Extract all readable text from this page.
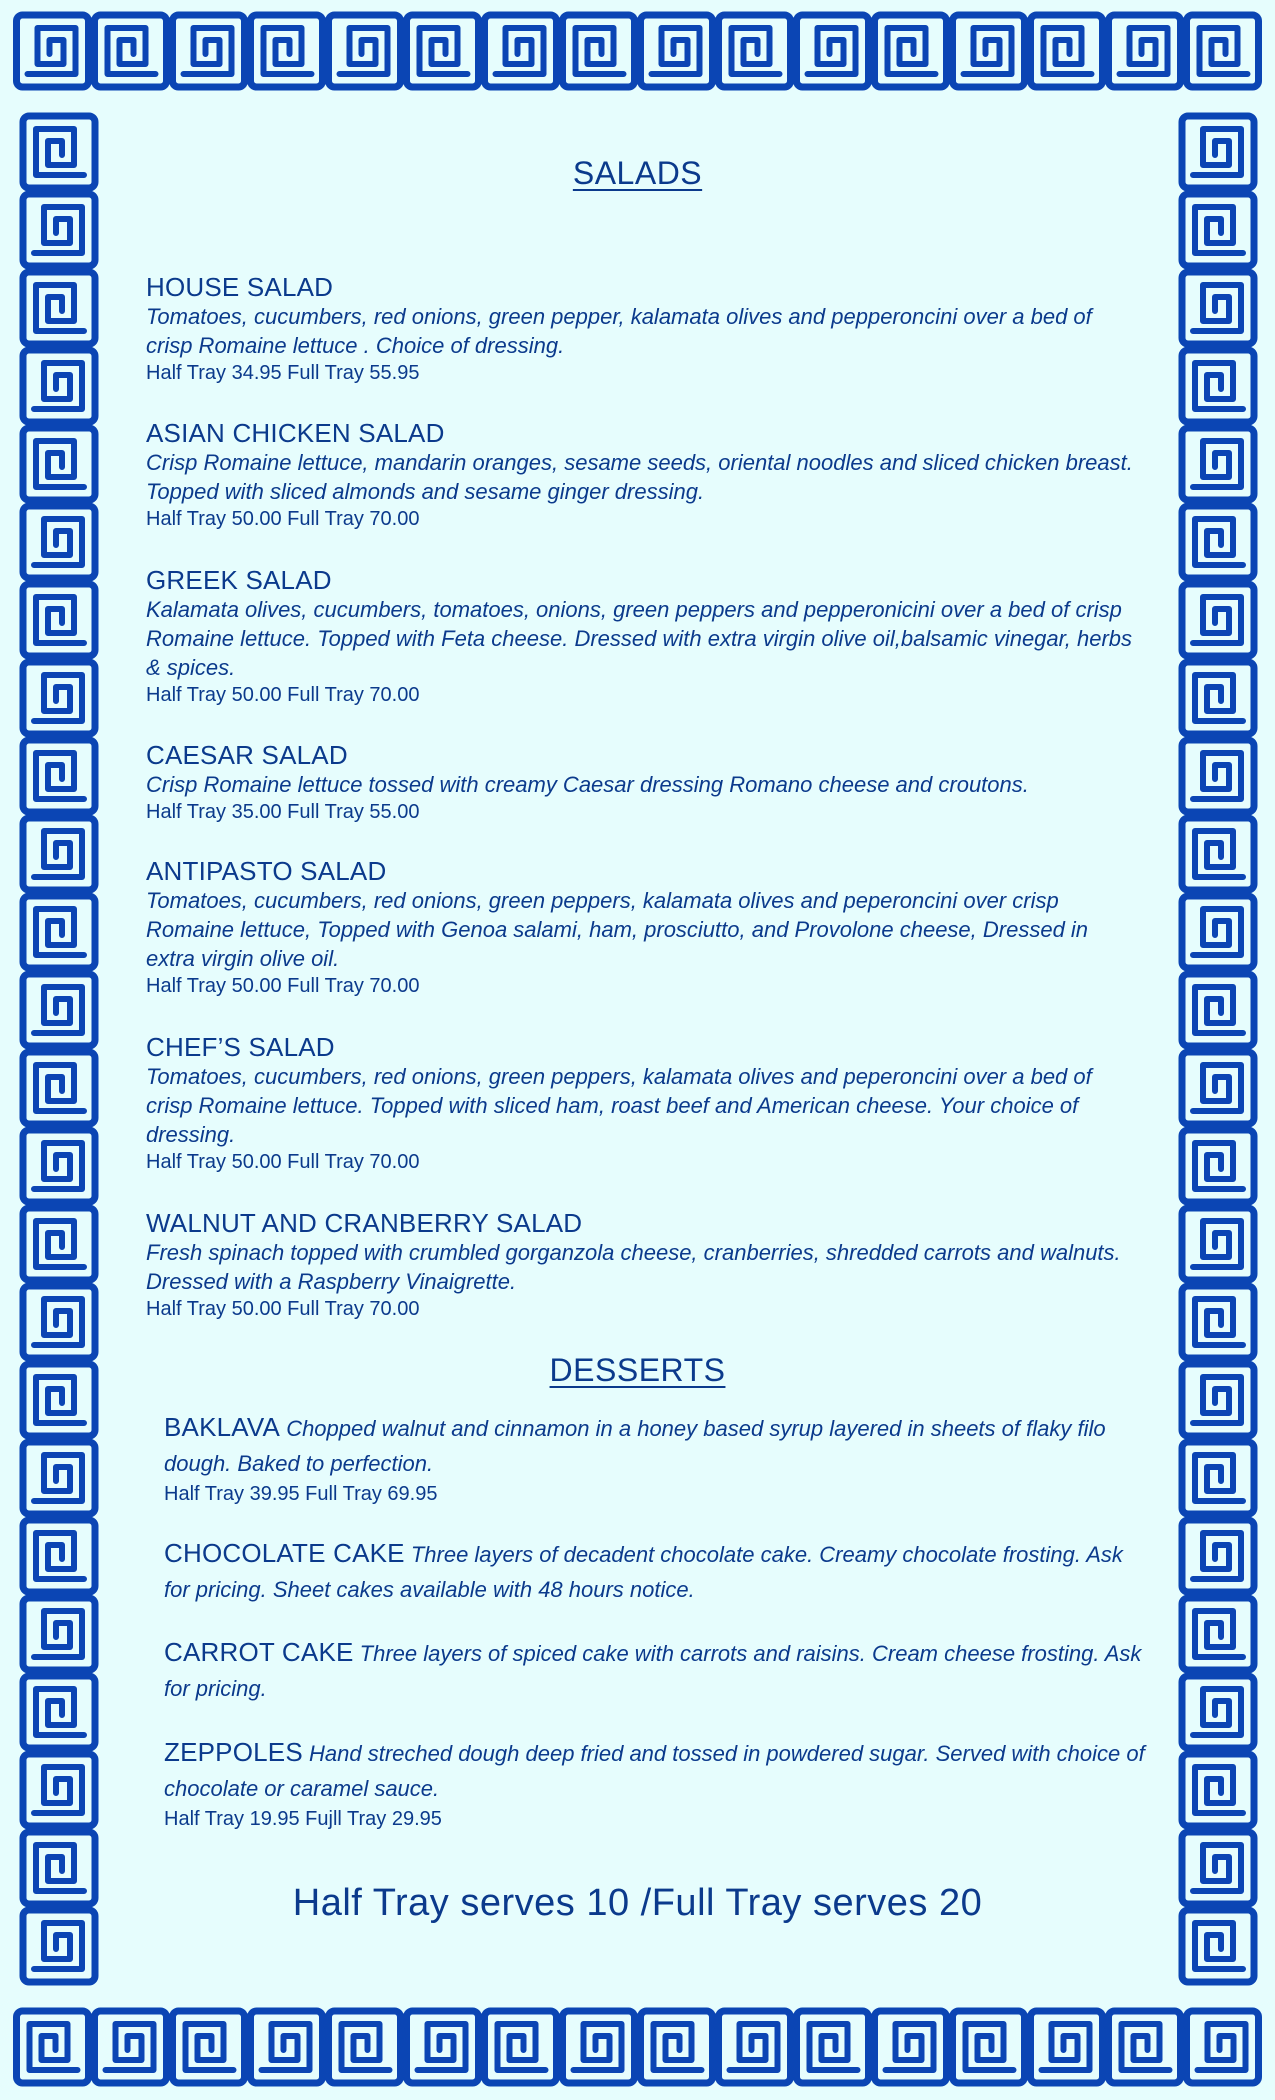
SALADS
HOUSE SALAD
Tomatoes, cucumbers, red onions, green pepper, kalamata olives and pepperoncini over a bed of crisp Romaine lettuce . Choice of dressing.
Half Tray 34.95 Full Tray 55.95
ASIAN CHICKEN SALAD
Crisp Romaine lettuce, mandarin oranges, sesame seeds, oriental noodles and sliced chicken breast. Topped with sliced almonds and sesame ginger dressing.
Half Tray 50.00 Full Tray 70.00
GREEK SALAD
Kalamata olives, cucumbers, tomatoes, onions, green peppers and pepperonicini over a bed of crisp Romaine lettuce. Topped with Feta cheese. Dressed with extra virgin olive oil,balsamic vinegar, herbs & spices.
Half Tray 50.00 Full Tray 70.00
CAESAR SALAD
Crisp Romaine lettuce tossed with creamy Caesar dressing Romano cheese and croutons.
Half Tray 35.00 Full Tray 55.00
ANTIPASTO SALAD
Tomatoes, cucumbers, red onions, green peppers, kalamata olives and peperoncini over crisp Romaine lettuce, Topped with Genoa salami, ham, prosciutto, and Provolone cheese, Dressed in extra virgin olive oil.
Half Tray 50.00 Full Tray 70.00
CHEF’S SALAD
Tomatoes, cucumbers, red onions, green peppers, kalamata olives and peperoncini over a bed of crisp Romaine lettuce. Topped with sliced ham, roast beef and American cheese. Your choice of dressing.
Half Tray 50.00 Full Tray 70.00
WALNUT AND CRANBERRY SALAD
Fresh spinach topped with crumbled gorganzola cheese, cranberries, shredded carrots and walnuts. Dressed with a Raspberry Vinaigrette.
Half Tray 50.00 Full Tray 70.00
DESSERTS
BAKLAVA Chopped walnut and cinnamon in a honey based syrup layered in sheets of flaky filo dough. Baked to perfection.
Half Tray 39.95 Full Tray 69.95
CHOCOLATE CAKE Three layers of decadent chocolate cake. Creamy chocolate frosting. Ask for pricing. Sheet cakes available with 48 hours notice.
CARROT CAKE Three layers of spiced cake with carrots and raisins. Cream cheese frosting. Ask for pricing.
ZEPPOLES Hand streched dough deep fried and tossed in powdered sugar. Served with choice of chocolate or caramel sauce.
Half Tray 19.95 Fujll Tray 29.95
Half Tray serves 10 /Full Tray serves 20
